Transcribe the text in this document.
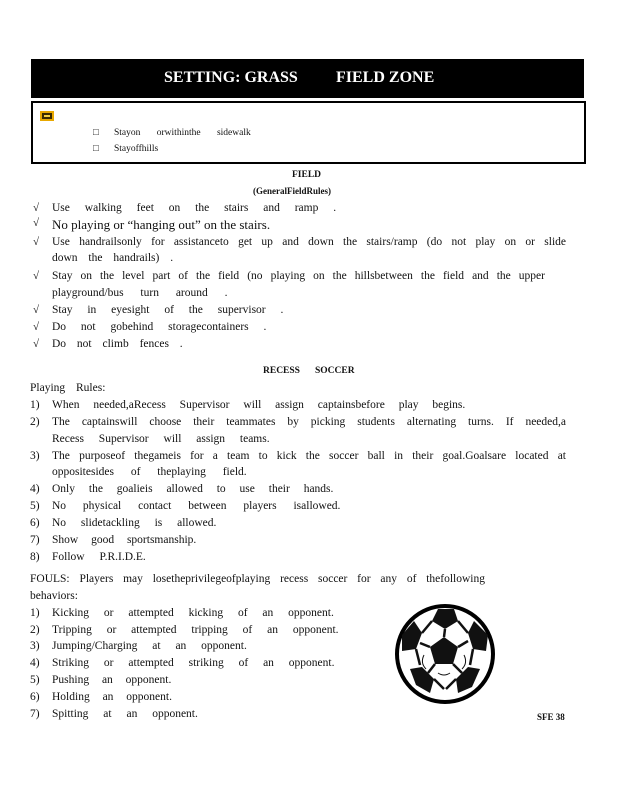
SETTING: GRASS FIELD ZONE
□ Stayon orwithinthe sidewalk
□ Stayoffhills
FIELD
(GeneralFieldRules)
√ Use walking feet on the stairs and ramp .
√ No playing or “hanging out” on the stairs.
√ Use handrailsonly for assistanceto get up and down the stairs/ramp (do not play on or slide
down the handrails) .
√ Stay on the level part of the field (no playing on the hillsbetween the field and the upper
playground/bus turn around .
√ Stay in eyesight of the supervisor .
√ Do not gobehind storagecontainers .
√ Do not climb fences .
RECESS SOCCER
Playing Rules:
1) When needed,aRecess Supervisor will assign captainsbefore play begins.
2) The captainswill choose their teammates by picking students alternating turns. If needed,a
Recess Supervisor will assign teams.
3) The purposeof thegameis for a team to kick the soccer ball in their goal.Goalsare located at
oppositesides of theplaying field.
4) Only the goalieis allowed to use their hands.
5) No physical contact between players isallowed.
6) No slidetackling is allowed.
7) Show good sportsmanship.
8) Follow P.R.I.D.E.
FOULS: Players may losetheprivilegeofplaying recess soccer for any of thefollowing
behaviors:
1) Kicking or attempted kicking of an opponent.
2) Tripping or attempted tripping of an opponent.
3) Jumping/Charging at an opponent.
4) Striking or attempted striking of an opponent.
5) Pushing an opponent.
6) Holding an opponent.
7) Spitting at an opponent.	SFE 38
